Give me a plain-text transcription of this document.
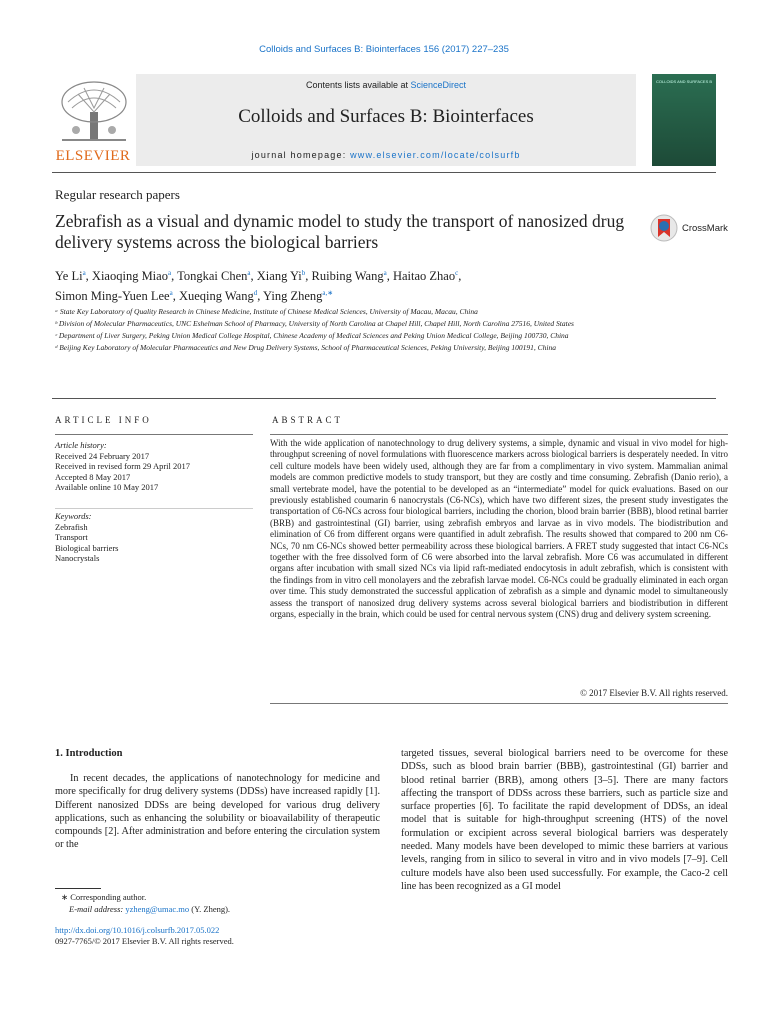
Colloids and Surfaces B: Biointerfaces 156 (2017) 227–235
ELSEVIER
Contents lists available at ScienceDirect
Colloids and Surfaces B: Biointerfaces
journal homepage: www.elsevier.com/locate/colsurfb
COLLOIDS AND SURFACES B
Regular research papers
Zebrafish as a visual and dynamic model to study the transport of nanosized drug delivery systems across the biological barriers
CrossMark
Ye Li$^a$, Xiaoqing Miao$^a$, Tongkai Chen$^a$, Xiang Yi$^b$, Ruibing Wang$^a$, Haitao Zhao$^c$,
Simon Ming-Yuen Lee$^a$, Xueqing Wang$^d$, Ying Zheng$^{a,∗}$
ᵃ State Key Laboratory of Quality Research in Chinese Medicine, Institute of Chinese Medical Sciences, University of Macau, Macau, China
ᵇ Division of Molecular Pharmaceutics, UNC Eshelman School of Pharmacy, University of North Carolina at Chapel Hill, Chapel Hill, North Carolina 27516, United States
ᶜ Department of Liver Surgery, Peking Union Medical College Hospital, Chinese Academy of Medical Sciences and Peking Union Medical College, Beijing 100730, China
ᵈ Beijing Key Laboratory of Molecular Pharmaceutics and New Drug Delivery Systems, School of Pharmaceutical Sciences, Peking University, Beijing 100191, China
ARTICLE INFO	ABSTRACT
Article history:
Received 24 February 2017
Received in revised form 29 April 2017
Accepted 8 May 2017
Available online 10 May 2017
Keywords:
Zebrafish
Transport
Biological barriers
Nanocrystals
With the wide application of nanotechnology to drug delivery systems, a simple, dynamic and visual in vivo model for high-throughput screening of novel formulations with fluorescence markers across biological barriers is desperately needed. In vitro cell culture models have been widely used, although they are far from a complimentary in vivo system. Mammalian animal models are common predictive models to study transport, but they are costly and time consuming. Zebrafish (Danio rerio), a small vertebrate model, have the potential to be developed as an “intermediate” model for quick evaluations. Based on our previously established coumarin 6 nanocrystals (C6-NCs), which have two different sizes, the present study investigates the transportation of C6-NCs across four biological barriers, including the chorion, blood brain barrier (BBB), blood retinal barrier (BRB) and gastrointestinal (GI) barrier, using zebrafish embryos and larvae as in vivo models. The biodistribution and elimination of C6 from different organs were quantified in adult zebrafish. The results showed that compared to 200 nm C6-NCs, 70 nm C6-NCs showed better permeability across these biological barriers. A FRET study suggested that intact C6-NCs together with the free dissolved form of C6 were absorbed into the larval zebrafish. More C6 was accumulated in different organs after incubation with small sized NCs via lipid raft-mediated endocytosis in adult zebrafish, which is consistent with the findings from in vitro cell monolayers and the zebrafish larvae model. C6-NCs could be gradually eliminated in each organ over time. This study demonstrated the successful application of zebrafish as a simple and dynamic model to simultaneously assess the transport of nanosized drug delivery systems across several biological barriers and biodistribution in different organs, especially in the brain, which could be used for central nervous system (CNS) drug and delivery system screening.
© 2017 Elsevier B.V. All rights reserved.
1. Introduction

In recent decades, the applications of nanotechnology for medicine and more specifically for drug delivery systems (DDSs) have increased rapidly [1]. Different nanosized DDSs are being developed for various drug delivery applications, such as enhancing the solubility or bioavailability of therapeutic compounds [2]. After administration and before entering the circulation system or the

targeted tissues, several biological barriers need to be overcome for these DDSs, such as blood brain barrier (BBB), gastrointestinal (GI) barrier and blood retinal barrier (BRB), among others [3–5]. There are many factors affecting the transport of DDSs across these barriers, such as particle size and surface properties [6]. To facilitate the rapid development of DDSs, an ideal model that is suitable for high-throughput screening (HTS) of the novel formulation or excipient across several biological barriers was desperately needed. Many models have been developed to mimic these barriers at various levels, ranging from in silico to several in vitro and in vivo models [7–9]. Cell culture models have also been used successfully. For example, the Caco-2 cell line has been recognized as a GI model

∗ Corresponding author.
E-mail address: yzheng@umac.mo (Y. Zheng).
http://dx.doi.org/10.1016/j.colsurfb.2017.05.022
0927-7765/© 2017 Elsevier B.V. All rights reserved.
